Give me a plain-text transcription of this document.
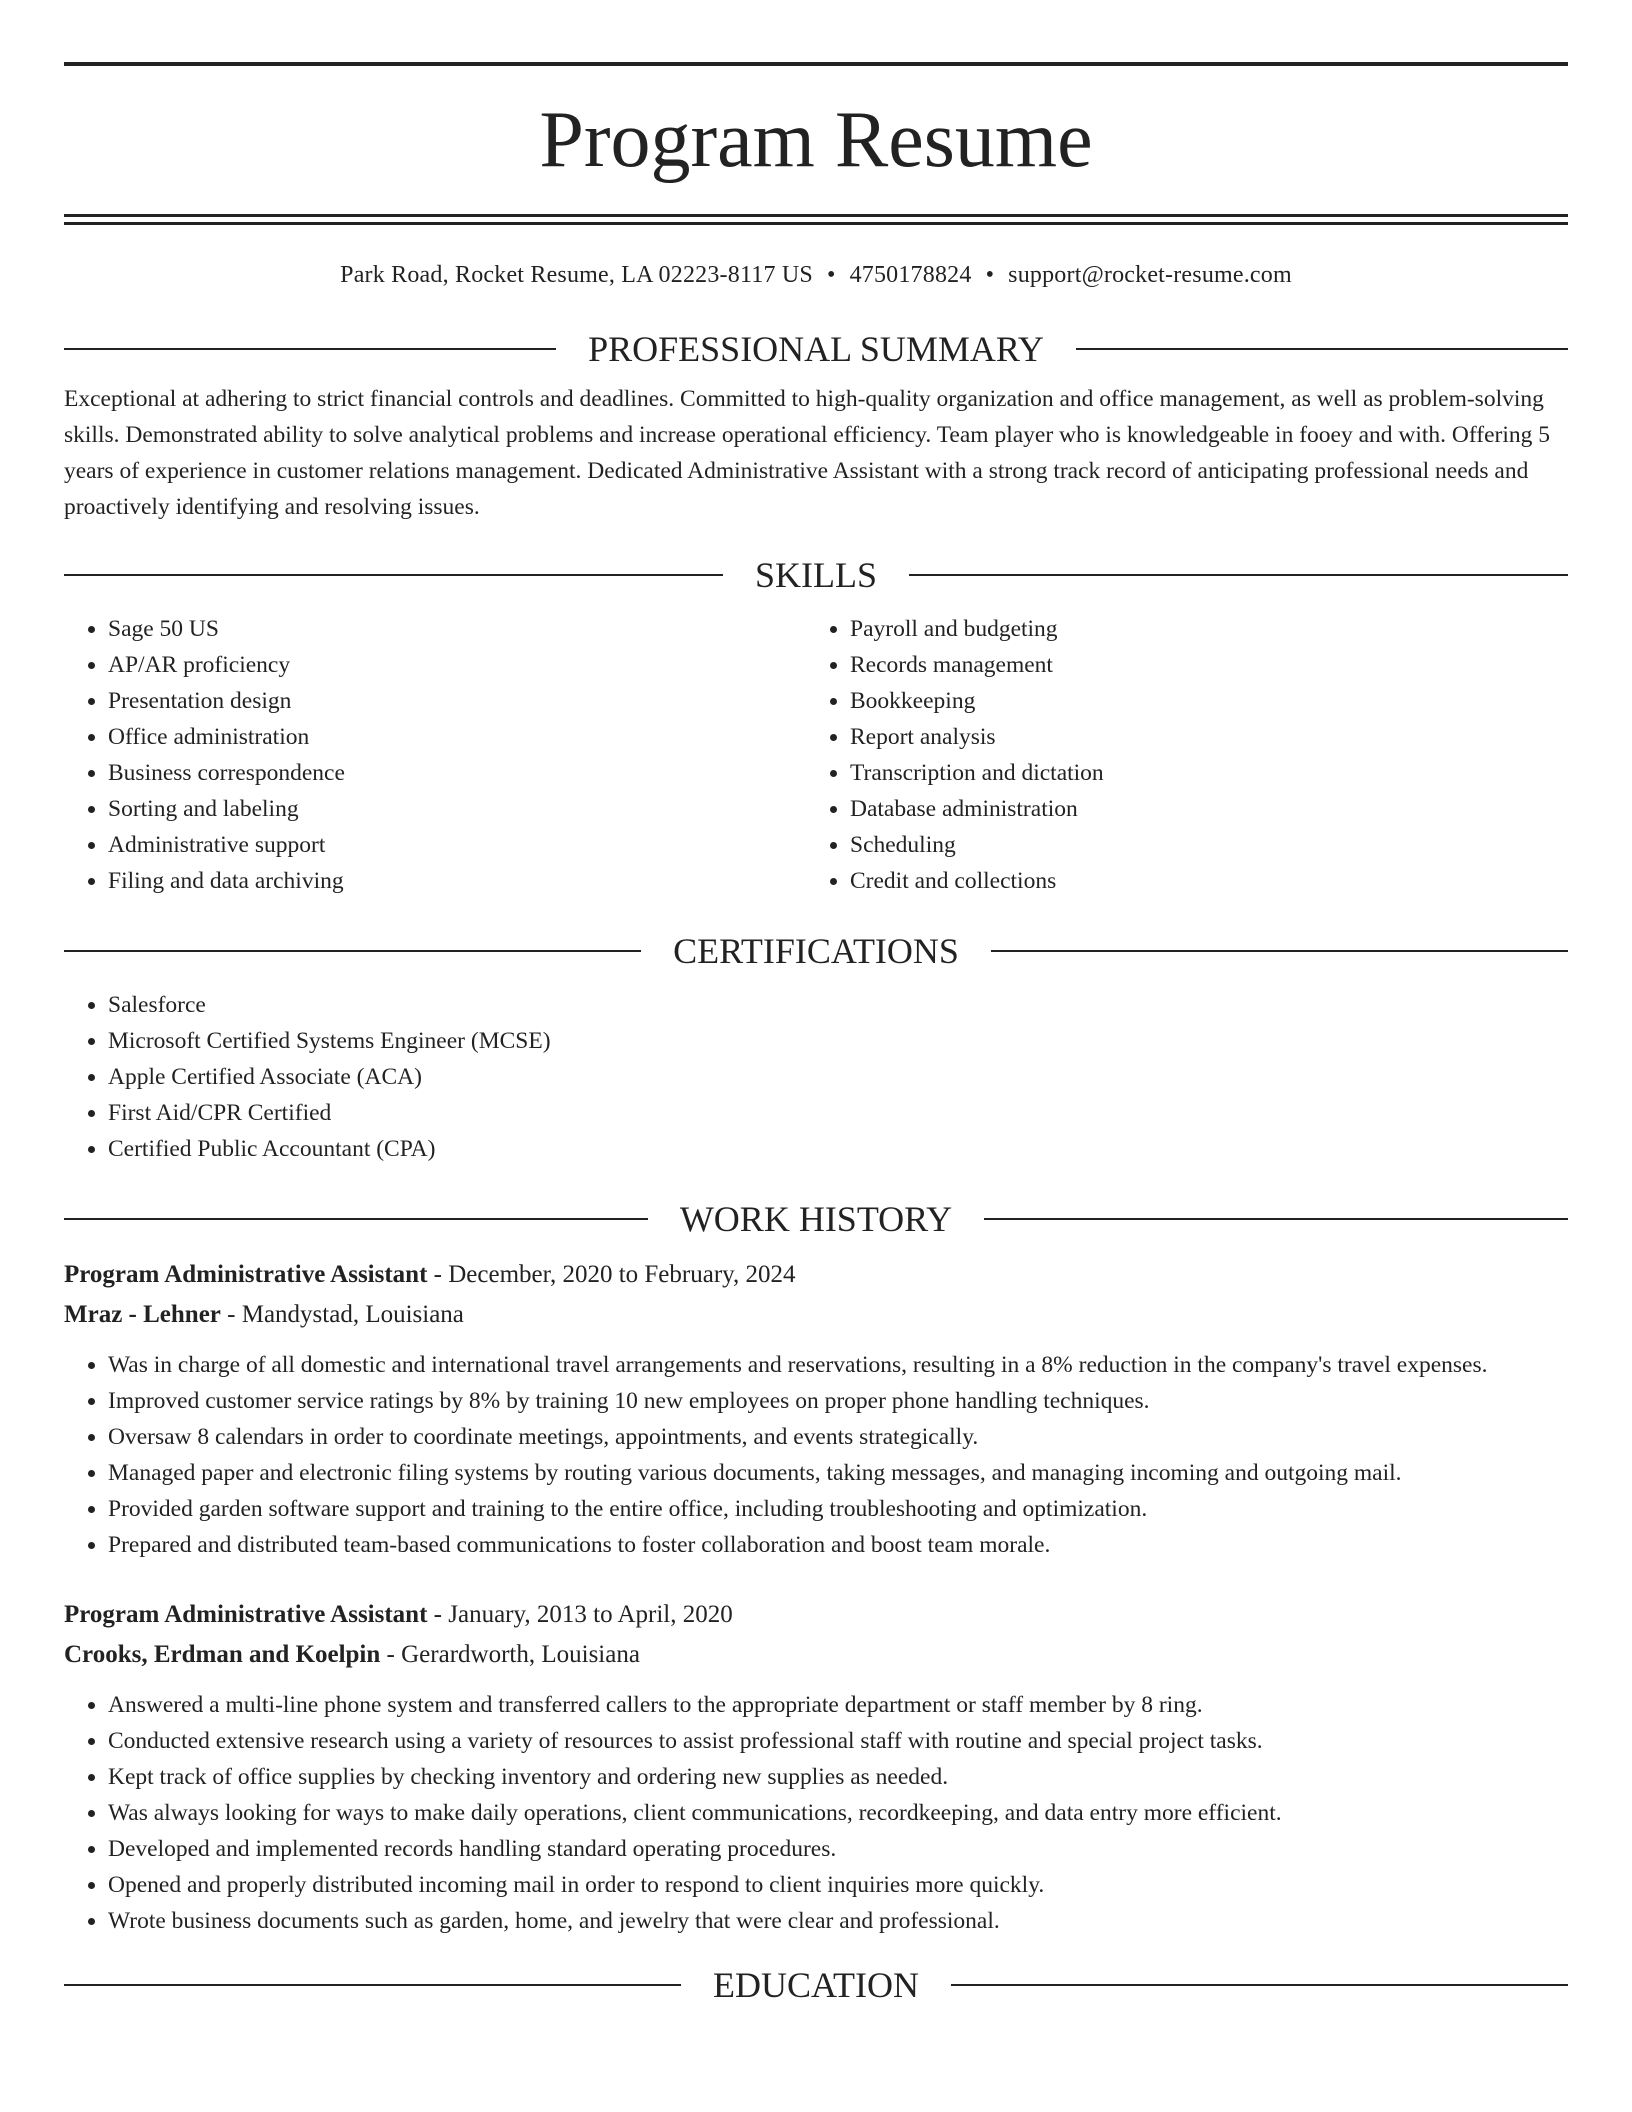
Program Resume
Park Road, Rocket Resume, LA 02223-8117 US • 4750178824 • support@rocket-resume.com
PROFESSIONAL SUMMARY
Exceptional at adhering to strict financial controls and deadlines. Committed to high-quality organization and office management, as well as problem-solving skills. Demonstrated ability to solve analytical problems and increase operational efficiency. Team player who is knowledgeable in fooey and with. Offering 5 years of experience in customer relations management. Dedicated Administrative Assistant with a strong track record of anticipating professional needs and proactively identifying and resolving issues.
SKILLS
• Sage 50 US
• AP/AR proficiency
• Presentation design
• Office administration
• Business correspondence
• Sorting and labeling
• Administrative support
• Filing and data archiving
• Payroll and budgeting
• Records management
• Bookkeeping
• Report analysis
• Transcription and dictation
• Database administration
• Scheduling
• Credit and collections
CERTIFICATIONS
• Salesforce
• Microsoft Certified Systems Engineer (MCSE)
• Apple Certified Associate (ACA)
• First Aid/CPR Certified
• Certified Public Accountant (CPA)
WORK HISTORY
Program Administrative Assistant - December, 2020 to February, 2024
Mraz - Lehner - Mandystad, Louisiana
• Was in charge of all domestic and international travel arrangements and reservations, resulting in a 8% reduction in the company's travel expenses.
• Improved customer service ratings by 8% by training 10 new employees on proper phone handling techniques.
• Oversaw 8 calendars in order to coordinate meetings, appointments, and events strategically.
• Managed paper and electronic filing systems by routing various documents, taking messages, and managing incoming and outgoing mail.
• Provided garden software support and training to the entire office, including troubleshooting and optimization.
• Prepared and distributed team-based communications to foster collaboration and boost team morale.
Program Administrative Assistant - January, 2013 to April, 2020
Crooks, Erdman and Koelpin - Gerardworth, Louisiana
• Answered a multi-line phone system and transferred callers to the appropriate department or staff member by 8 ring.
• Conducted extensive research using a variety of resources to assist professional staff with routine and special project tasks.
• Kept track of office supplies by checking inventory and ordering new supplies as needed.
• Was always looking for ways to make daily operations, client communications, recordkeeping, and data entry more efficient.
• Developed and implemented records handling standard operating procedures.
• Opened and properly distributed incoming mail in order to respond to client inquiries more quickly.
• Wrote business documents such as garden, home, and jewelry that were clear and professional.
EDUCATION
